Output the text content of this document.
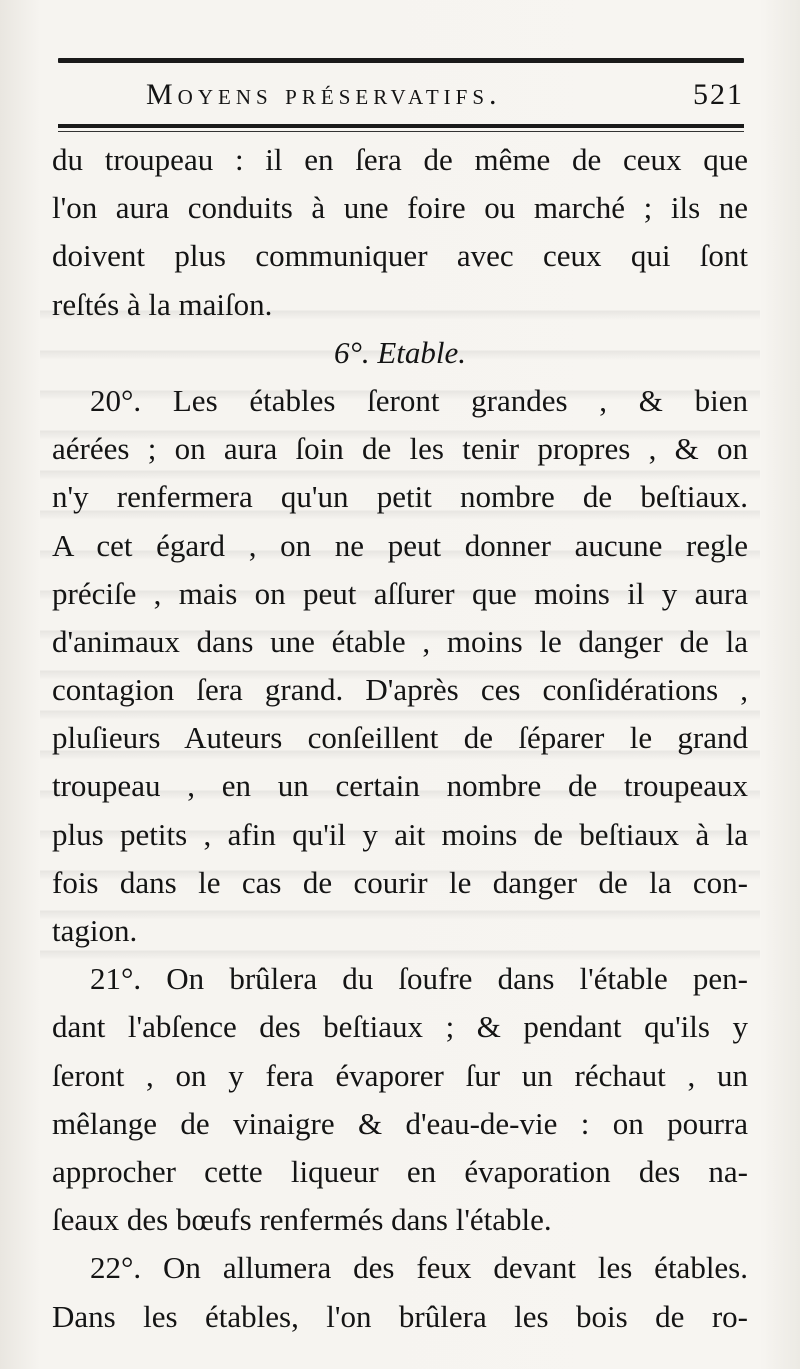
Moyens préservatifs.	521
du troupeau : il en ſera de même de ceux que
l'on aura conduits à une foire ou marché ; ils ne
doivent plus communiquer avec ceux qui ſont
reſtés à la maiſon.
6°. Etable.
20°. Les étables ſeront grandes , & bien
aérées ; on aura ſoin de les tenir propres , & on
n'y renfermera qu'un petit nombre de beſtiaux.
A cet égard , on ne peut donner aucune regle
préciſe , mais on peut aſſurer que moins il y aura
d'animaux dans une étable , moins le danger de la
contagion ſera grand. D'après ces conſidérations ,
pluſieurs Auteurs conſeillent de ſéparer le grand
troupeau , en un certain nombre de troupeaux
plus petits , afin qu'il y ait moins de beſtiaux à la
fois dans le cas de courir le danger de la con-
tagion.
21°. On brûlera du ſoufre dans l'étable pen-
dant l'abſence des beſtiaux ; & pendant qu'ils y
ſeront , on y fera évaporer ſur un réchaut , un
mêlange de vinaigre & d'eau-de-vie : on pourra
approcher cette liqueur en évaporation des na-
ſeaux des bœufs renfermés dans l'étable.
22°. On allumera des feux devant les étables.
Dans les étables, l'on brûlera les bois de ro-
